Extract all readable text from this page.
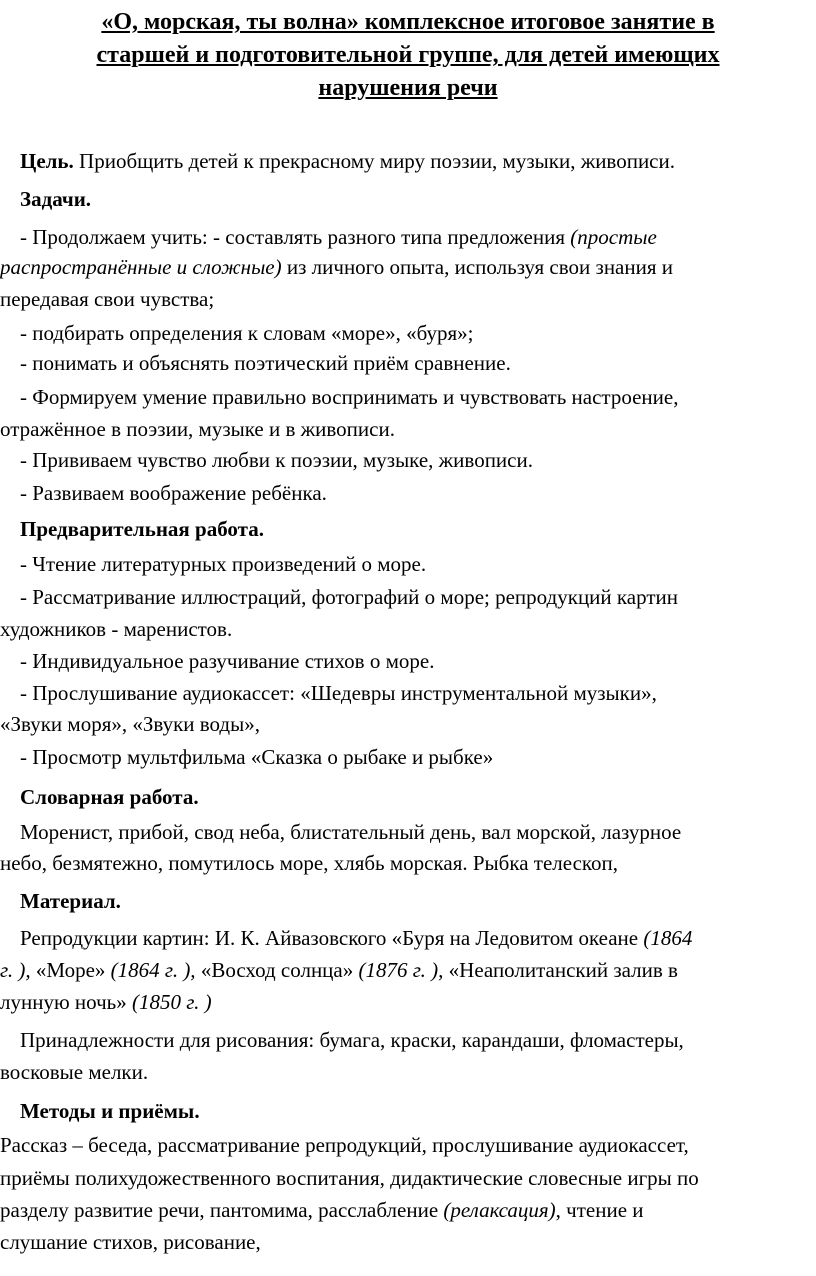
«О, морская, ты волна» комплексное итоговое занятие в
старшей и подготовительной группе, для детей имеющих
нарушения речи
Цель. Приобщить детей к прекрасному миру поэзии, музыки, живописи.
Задачи.
- Продолжаем учить: - составлять разного типа предложения (простые
распространённые и сложные) из личного опыта, используя свои знания и
передавая свои чувства;
- подбирать определения к словам «море», «буря»;
- понимать и объяснять поэтический приём сравнение.
- Формируем умение правильно воспринимать и чувствовать настроение,
отражённое в поэзии, музыке и в живописи.
- Прививаем чувство любви к поэзии, музыке, живописи.
- Развиваем воображение ребёнка.
Предварительная работа.
- Чтение литературных произведений о море.
- Рассматривание иллюстраций, фотографий о море; репродукций картин
художников - маренистов.
- Индивидуальное разучивание стихов о море.
- Прослушивание аудиокассет: «Шедевры инструментальной музыки»,
«Звуки моря», «Звуки воды»,
- Просмотр мультфильма «Сказка о рыбаке и рыбке»
Словарная работа.
Моренист, прибой, свод неба, блистательный день, вал морской, лазурное
небо, безмятежно, помутилось море, хлябь морская. Рыбка телескоп,
Материал.
Репродукции картин: И. К. Айвазовского «Буря на Ледовитом океане (1864
г. ), «Море» (1864 г. ), «Восход солнца» (1876 г. ), «Неаполитанский залив в
лунную ночь» (1850 г. )
Принадлежности для рисования: бумага, краски, карандаши, фломастеры,
восковые мелки.
Методы и приёмы.
Рассказ – беседа, рассматривание репродукций, прослушивание аудиокассет,
приёмы полихудожественного воспитания, дидактические словесные игры по
разделу развитие речи, пантомима, расслабление (релаксация), чтение и
слушание стихов, рисование,
